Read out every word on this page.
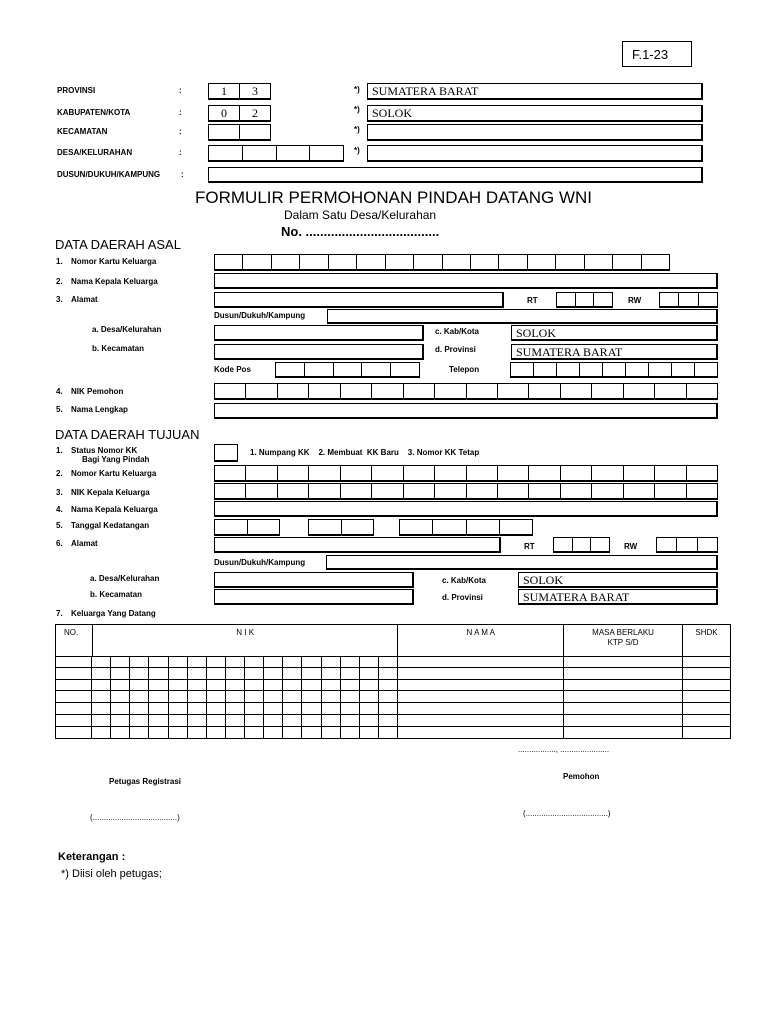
F.1-23
PROVINSI	:	1	3	*)	SUMATERA BARAT
KABUPATEN/KOTA	:	0	2	*)	SOLOK
KECAMATAN	:	*)
DESA/KELURAHAN	:	*)
DUSUN/DUKUH/KAMPUNG	:
FORMULIR PERMOHONAN PINDAH DATANG WNI
Dalam Satu Desa/Kelurahan
No. .....................................
DATA DAERAH ASAL
1. Nomor Kartu Keluarga
2. Nama Kepala Keluarga
3. Alamat	RT	RW
Dusun/Dukuh/Kampung
a. Desa/Kelurahan	c. Kab/Kota	SOLOK
b. Kecamatan	d. Provinsi	SUMATERA BARAT
Kode Pos	Telepon
4. NIK Pemohon
5. Nama Lengkap
DATA DAERAH TUJUAN
1. Status Nomor KK
Bagi Yang Pindah
1. Numpang KK    2. Membuat  KK Baru    3. Nomor KK Tetap
2. Nomor Kartu Keluarga
3. NIK Kepala Keluarga
4. Nama Kepala Keluarga
5. Tanggal Kedatangan
6. Alamat	RT	RW
Dusun/Dukuh/Kampung
a. Desa/Kelurahan	c. Kab/Kota	SOLOK
b. Kecamatan	d. Provinsi	SUMATERA BARAT
7. Keluarga Yang Datang
NO.	N I K	N A M A	MASA BERLAKU KTP S/D	SHDK
................., ......................
Petugas Registrasi
Pemohon
(......................................)	(.....................................)
Keterangan :
*) Diisi oleh petugas;
